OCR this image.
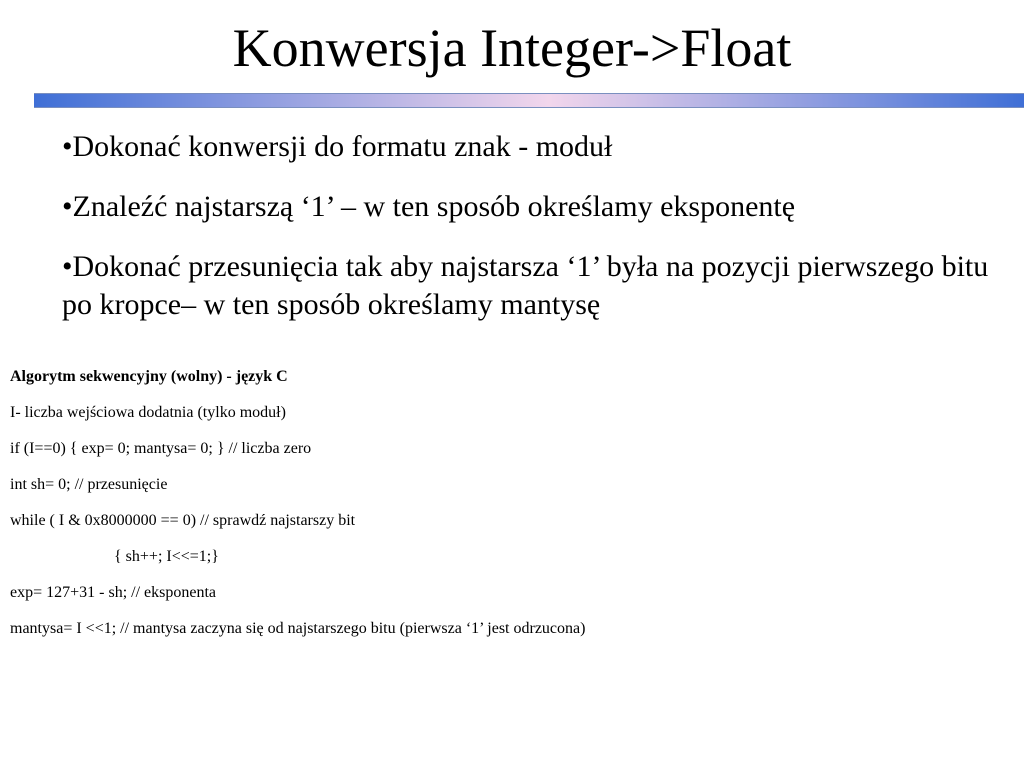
Konwersja Integer->Float
•Dokonać konwersji do formatu znak - moduł
•Znaleźć najstarszą ‘1’ – w ten sposób określamy eksponentę
•Dokonać przesunięcia tak aby najstarsza ‘1’ była na pozycji pierwszego bitu po kropce– w ten sposób określamy mantysę
Algorytm sekwencyjny (wolny) - język C
I- liczba wejściowa dodatnia (tylko moduł)
if (I==0) { exp= 0; mantysa= 0; } // liczba zero
int sh= 0; // przesunięcie
while ( I & 0x8000000 == 0) // sprawdź najstarszy bit
{ sh++; I<<=1;}
exp= 127+31 - sh; // eksponenta
mantysa= I <<1; // mantysa zaczyna się od najstarszego bitu (pierwsza ‘1’ jest odrzucona)
